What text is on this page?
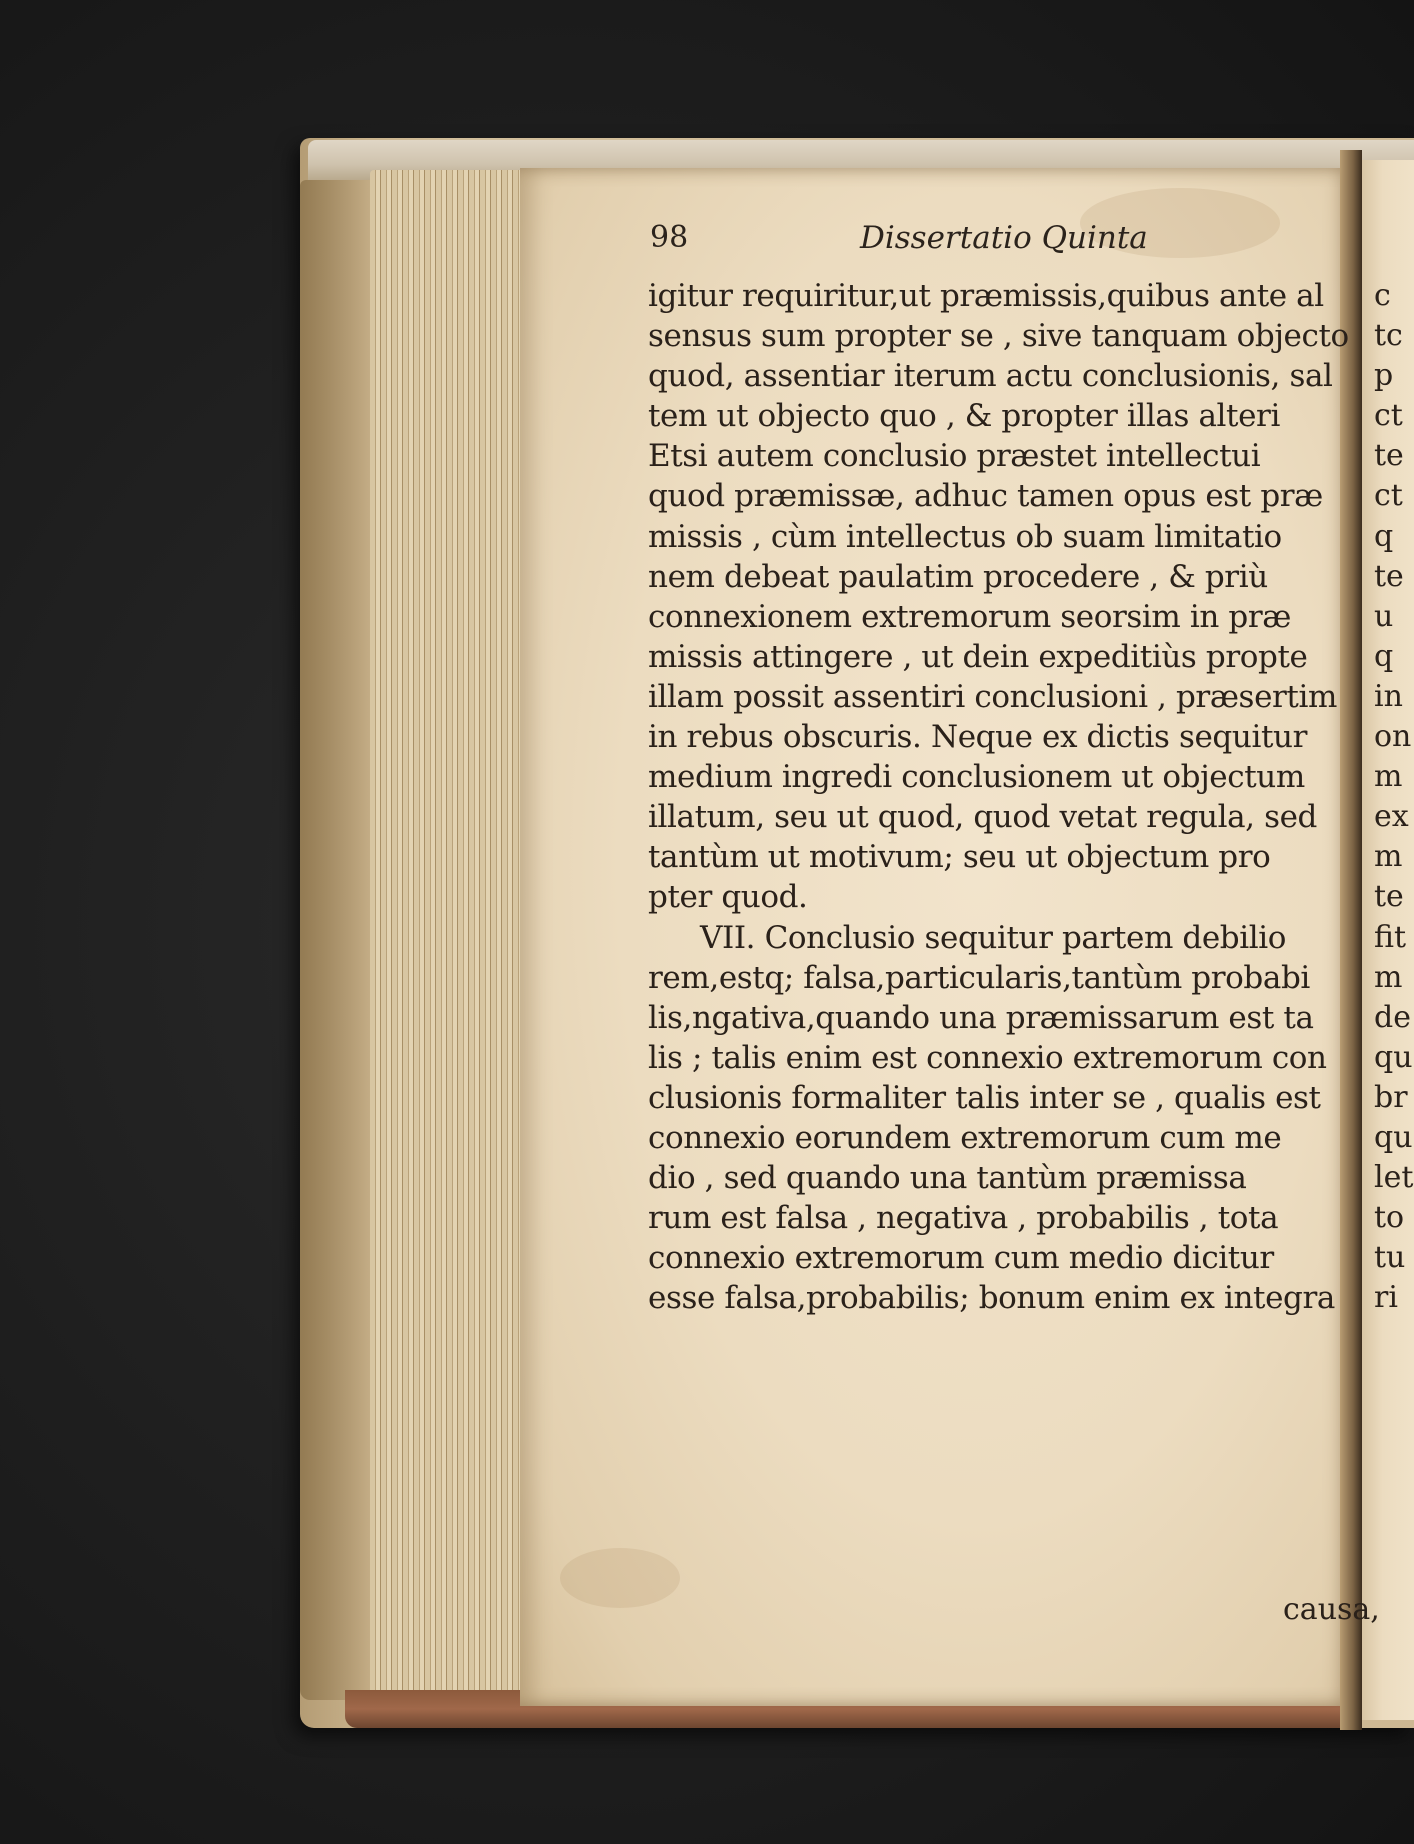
98	Dissertatio Quinta
igitur requiritur,ut præmissis,quibus ante al
sensus sum propter se , sive tanquam objecto
quod, assentiar iterum actu conclusionis, sal
tem ut objecto quo , & propter illas alteri
Etsi autem conclusio præstet intellectui
quod præmissæ, adhuc tamen opus est præ
missis , cùm intellectus ob suam limitatio
nem debeat paulatim procedere , & priù
connexionem extremorum seorsim in præ
missis attingere , ut dein expeditiùs propte
illam possit assentiri conclusioni , præsertim
in rebus obscuris. Neque ex dictis sequitur
medium ingredi conclusionem ut objectum
illatum, seu ut quod, quod vetat regula, sed
tantùm ut motivum; seu ut objectum pro
pter quod.
VII. Conclusio sequitur partem debilio
rem,estq; falsa,particularis,tantùm probabi
lis,ngativa,quando una præmissarum est ta
lis ; talis enim est connexio extremorum con
clusionis formaliter talis inter se , qualis est
connexio eorundem extremorum cum me
dio , sed quando una tantùm præmissa
rum est falsa , negativa , probabilis , tota
connexio extremorum cum medio dicitur
esse falsa,probabilis; bonum enim ex integra
causa,
c
tc
p
ct
te
ct
q
te
u
q
in
on
m
ex
m
te
fit
m
de
qu
br
qu
let
to
tu
ri
